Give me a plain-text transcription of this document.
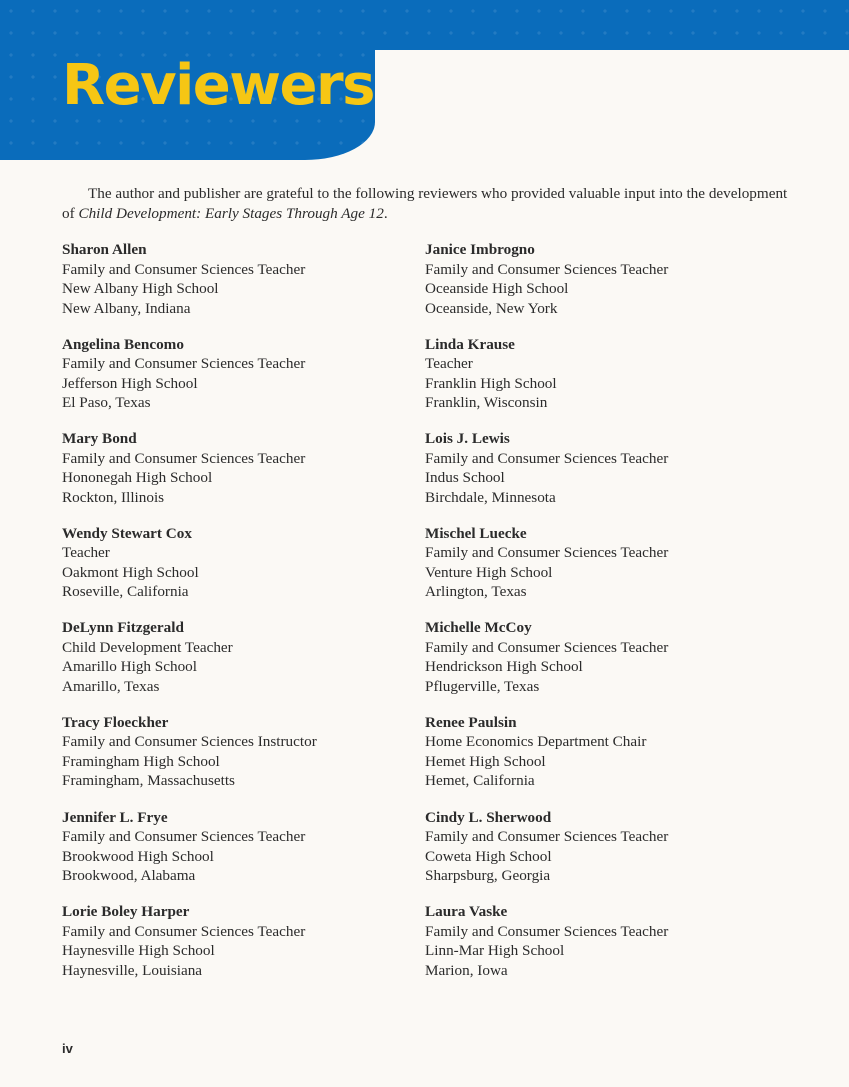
Reviewers

The author and publisher are grateful to the following reviewers who provided valuable input into the development of Child Development: Early Stages Through Age 12.

Sharon Allen
Family and Consumer Sciences Teacher
New Albany High School
New Albany, Indiana
Angelina Bencomo
Family and Consumer Sciences Teacher
Jefferson High School
El Paso, Texas
Mary Bond
Family and Consumer Sciences Teacher
Hononegah High School
Rockton, Illinois
Wendy Stewart Cox
Teacher
Oakmont High School
Roseville, California
DeLynn Fitzgerald
Child Development Teacher
Amarillo High School
Amarillo, Texas
Tracy Floeckher
Family and Consumer Sciences Instructor
Framingham High School
Framingham, Massachusetts
Jennifer L. Frye
Family and Consumer Sciences Teacher
Brookwood High School
Brookwood, Alabama
Lorie Boley Harper
Family and Consumer Sciences Teacher
Haynesville High School
Haynesville, Louisiana
Janice Imbrogno
Family and Consumer Sciences Teacher
Oceanside High School
Oceanside, New York
Linda Krause
Teacher
Franklin High School
Franklin, Wisconsin
Lois J. Lewis
Family and Consumer Sciences Teacher
Indus School
Birchdale, Minnesota
Mischel Luecke
Family and Consumer Sciences Teacher
Venture High School
Arlington, Texas
Michelle McCoy
Family and Consumer Sciences Teacher
Hendrickson High School
Pflugerville, Texas
Renee Paulsin
Home Economics Department Chair
Hemet High School
Hemet, California
Cindy L. Sherwood
Family and Consumer Sciences Teacher
Coweta High School
Sharpsburg, Georgia
Laura Vaske
Family and Consumer Sciences Teacher
Linn-Mar High School
Marion, Iowa
iv
